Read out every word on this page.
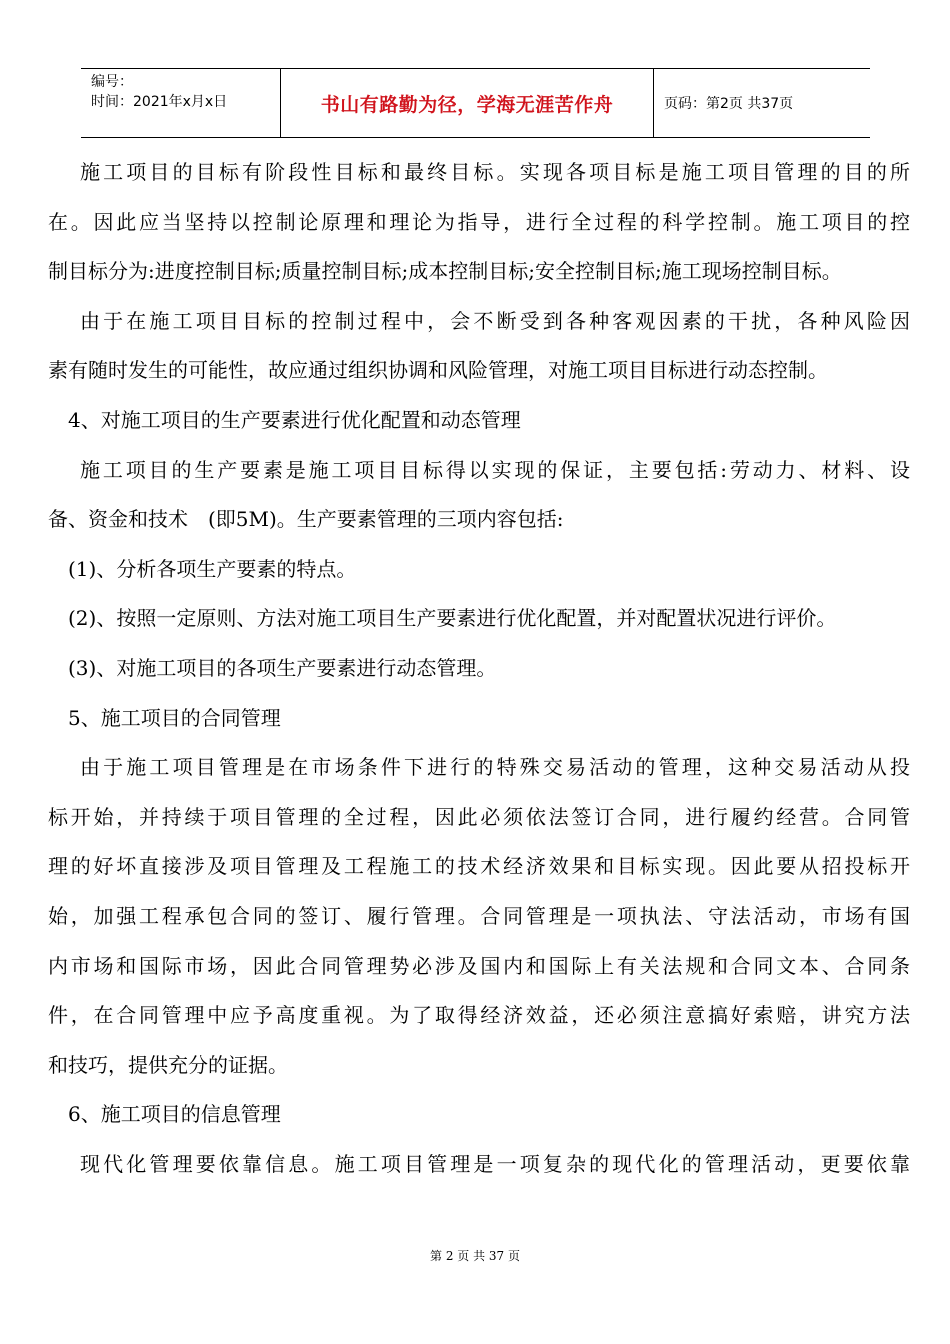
编号：
时间：2021年x月x日	书山有路勤为径，学海无涯苦作舟	页码：第2页 共37页
施工项目的目标有阶段性目标和最终目标。实现各项目标是施工项目管理的目的所
在。因此应当坚持以控制论原理和理论为指导，进行全过程的科学控制。施工项目的控
制目标分为:进度控制目标;质量控制目标;成本控制目标;安全控制目标;施工现场控制目标。
由于在施工项目目标的控制过程中，会不断受到各种客观因素的干扰，各种风险因
素有随时发生的可能性，故应通过组织协调和风险管理，对施工项目目标进行动态控制。
4、对施工项目的生产要素进行优化配置和动态管理
施工项目的生产要素是施工项目目标得以实现的保证，主要包括:劳动力、材料、设
备、资金和技术　(即5M)。生产要素管理的三项内容包括:
(1)、分析各项生产要素的特点。
(2)、按照一定原则、方法对施工项目生产要素进行优化配置，并对配置状况进行评价。
(3)、对施工项目的各项生产要素进行动态管理。
5、施工项目的合同管理
由于施工项目管理是在市场条件下进行的特殊交易活动的管理，这种交易活动从投
标开始，并持续于项目管理的全过程，因此必须依法签订合同，进行履约经营。合同管
理的好坏直接涉及项目管理及工程施工的技术经济效果和目标实现。因此要从招投标开
始，加强工程承包合同的签订、履行管理。合同管理是一项执法、守法活动，市场有国
内市场和国际市场，因此合同管理势必涉及国内和国际上有关法规和合同文本、合同条
件，在合同管理中应予高度重视。为了取得经济效益，还必须注意搞好索赔，讲究方法
和技巧，提供充分的证据。
6、施工项目的信息管理
现代化管理要依靠信息。施工项目管理是一项复杂的现代化的管理活动，更要依靠
第 2 页 共 37 页
